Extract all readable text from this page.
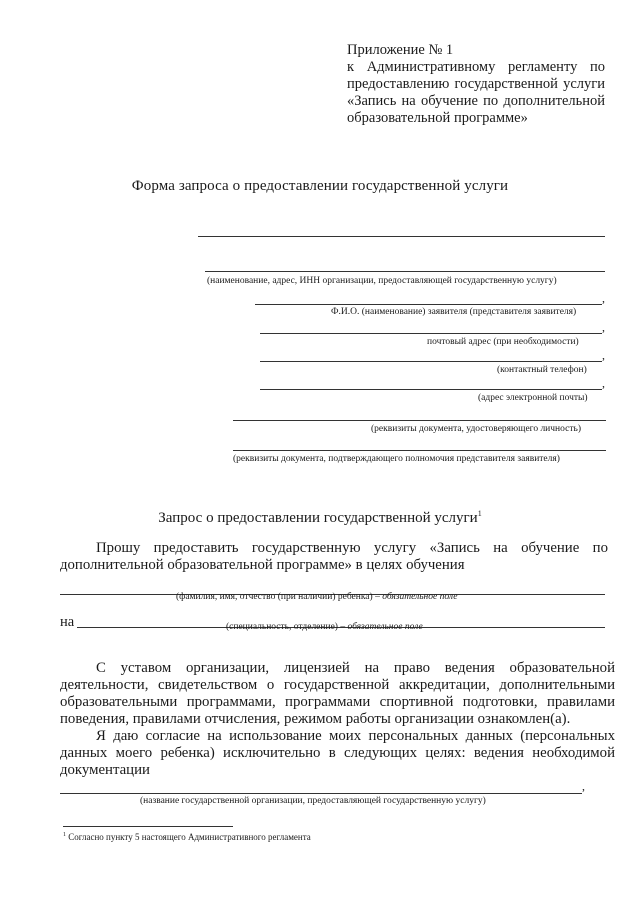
Приложение № 1
к Административному регламенту по предоставлению государственной услуги «Запись на обучение по дополнительной образовательной программе»
Форма запроса о предоставлении государственной услуги
(наименование, адрес, ИНН организации, предоставляющей государственную услугу)
,
Ф.И.О. (наименование) заявителя (представителя заявителя)
,
почтовый адрес (при необходимости)
,
(контактный телефон)
,
(адрес электронной почты)
(реквизиты документа, удостоверяющего личность)
(реквизиты документа, подтверждающего полномочия представителя заявителя)
Запрос о предоставлении государственной услуги$^1$
Прошу предоставить государственную услугу «Запись на обучение по дополнительной образовательной программе» в целях обучения
(фамилия, имя, отчество (при наличии) ребенка) – обязательное поле
на	(специальность, отделение) – обязательное поле
С уставом организации, лицензией на право ведения образовательной деятельности, свидетельством о государственной аккредитации, дополнительными образовательными программами, программами спортивной подготовки, правилами поведения, правилами отчисления, режимом работы организации ознакомлен(а).
Я даю согласие на использование моих персональных данных (персональных данных моего ребенка) исключительно в следующих целях: ведения необходимой документации
,
(название государственной организации, предоставляющей государственную услугу)
$^1$ Согласно пункту 5 настоящего Административного регламента
